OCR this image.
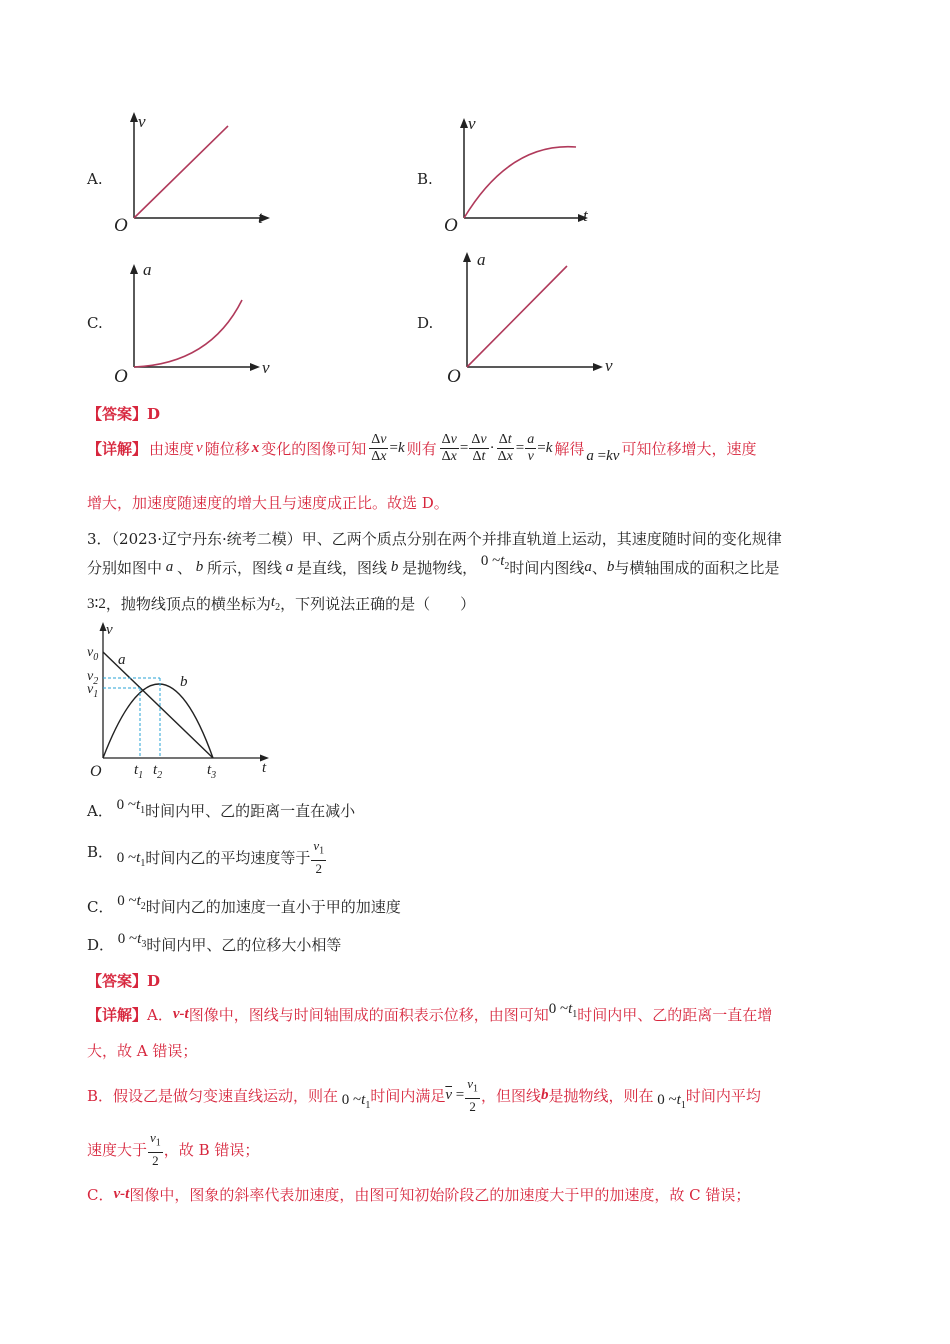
A.
v
t
O
B.
v
t
O
C.
a
v
O
D.
a
v
O
【答案】D
【详解】 由速度 v 随位移 x 变化的图像可知 $\frac{\Delta v}{\Delta x} = k$ 则有 $\frac{\Delta v}{\Delta x} = \frac{\Delta v}{\Delta t} \cdot \frac{\Delta t}{\Delta x} = \frac{a}{v} = k$ 解得 a =kv 可知位移增大，速度
增大，加速度随速度的增大且与速度成正比。故选 D。
3．（2023·辽宁丹东·统考二模）甲、乙两个质点分别在两个并排直轨道上运动，其速度随时间的变化规律
分别如图中 a 、 b 所示，图线 a 是直线，图线 b 是抛物线， 0 $\sim t_2$ 时间内图线 a 、 b 与横轴围成的面积之比是
3∶2 ，抛物线顶点的横坐标为 $t_2$ ，下列说法正确的是（　　）
v
$v_0$
$v_2$
$v_1$
a
b
O $t_1$ $t_2$	$t_3$	t
A． 0 $\sim t_1$ 时间内甲、乙的距离一直在减小
B． 0 $\sim t_1$ 时间内乙的平均速度等于 $\frac{v_1}{2}$
C． 0 $\sim t_2$ 时间内乙的加速度一直小于甲的加速度
D． 0 $\sim t_3$ 时间内甲、乙的位移大小相等
【答案】D
【详解】 A． v-t 图像中，图线与时间轴围成的面积表示位移，由图可知 0 $\sim t_1$ 时间内甲、乙的距离一直在增
大，故 A 错误；
B．假设乙是做匀变速直线运动，则在 0 $\sim t_1$
时间内满足 $\overline{v} = \frac{v_1}{2}$ ，但图线 b 是抛物线，则在 0 $\sim t_1$
时间内平均
速度大于 $\frac{v_1}{2}$ ，故 B 错误；
C． v-t 图像中，图象的斜率代表加速度，由图可知初始阶段乙的加速度大于甲的加速度，故 C 错误；
